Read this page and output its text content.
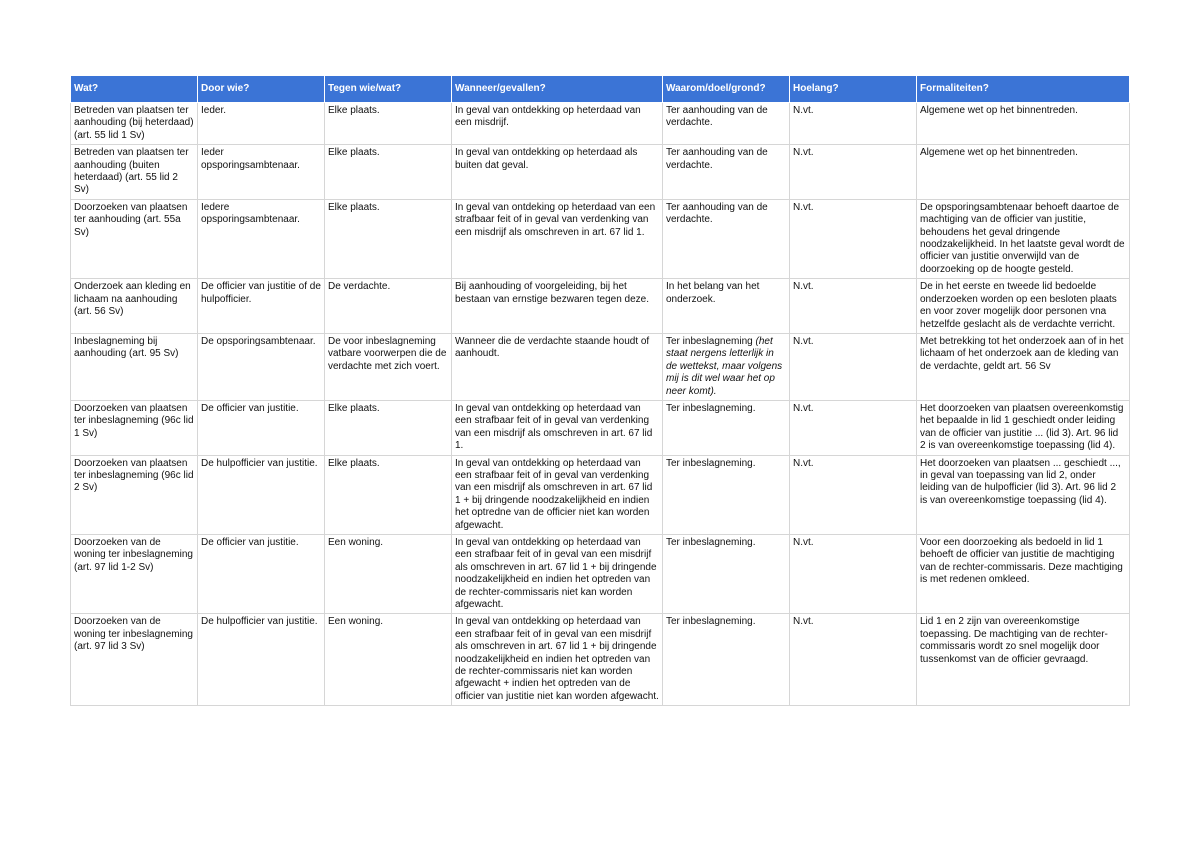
Wat?	Door wie?	Tegen wie/wat?	Wanneer/gevallen?	Waarom/doel/grond?	Hoelang?	Formaliteiten?
Betreden van plaatsen ter aanhouding (bij heterdaad) (art. 55 lid 1 Sv)	Ieder.	Elke plaats.	In geval van ontdekking op heterdaad van een misdrijf.	Ter aanhouding van de verdachte.	N.vt.	Algemene wet op het binnentreden.
Betreden van plaatsen ter aanhouding (buiten heterdaad) (art. 55 lid 2 Sv)	Ieder opsporingsambtenaar.	Elke plaats.	In geval van ontdekking op heterdaad als buiten dat geval.	Ter aanhouding van de verdachte.	N.vt.	Algemene wet op het binnentreden.
Doorzoeken van plaatsen ter aanhouding (art. 55a Sv)	Iedere opsporingsambtenaar.	Elke plaats.	In geval van ontdeking op heterdaad van een strafbaar feit of in geval van verdenking van een misdrijf als omschreven in art. 67 lid 1.	Ter aanhouding van de verdachte.	N.vt.	De opsporingsambtenaar behoeft daartoe de machtiging van de officier van justitie, behoudens het geval dringende noodzakelijkheid. In het laatste geval wordt de officier van justitie onverwijld van de doorzoeking op de hoogte gesteld.
Onderzoek aan kleding en lichaam na aanhouding (art. 56 Sv)	De officier van justitie of de hulpofficier.	De verdachte.	Bij aanhouding of voorgeleiding, bij het bestaan van ernstige bezwaren tegen deze.	In het belang van het onderzoek.	N.vt.	De in het eerste en tweede lid bedoelde onderzoeken worden op een besloten plaats en voor zover mogelijk door personen vna hetzelfde geslacht als de verdachte verricht.
Inbeslagneming bij aanhouding (art. 95 Sv)	De opsporingsambtenaar.	De voor inbeslagneming vatbare voorwerpen die de verdachte met zich voert.	Wanneer die de verdachte staande houdt of aanhoudt.	Ter inbeslagneming (het staat nergens letterlijk in de wettekst, maar volgens mij is dit wel waar het op neer komt).	N.vt.	Met betrekking tot het onderzoek aan of in het lichaam of het onderzoek aan de kleding van de verdachte, geldt art. 56 Sv
Doorzoeken van plaatsen ter inbeslagneming (96c lid 1 Sv)	De officier van justitie.	Elke plaats.	In geval van ontdekking op heterdaad van een strafbaar feit of in geval van verdenking van een misdrijf als omschreven in art. 67 lid 1.	Ter inbeslagneming.	N.vt.	Het doorzoeken van plaatsen overeenkomstig het bepaalde in lid 1 geschiedt onder leiding van de officier van justitie ... (lid 3). Art. 96 lid 2 is van overeenkomstige toepassing (lid 4).
Doorzoeken van plaatsen ter inbeslagneming (96c lid 2 Sv)	De hulpofficier van justitie.	Elke plaats.	In geval van ontdekking op heterdaad van een strafbaar feit of in geval van verdenking van een misdrijf als omschreven in art. 67 lid 1 + bij dringende noodzakelijkheid en indien het optredne van de officier niet kan worden afgewacht.	Ter inbeslagneming.	N.vt.	Het doorzoeken van plaatsen ... geschiedt ..., in geval van toepassing van lid 2, onder leiding van de hulpofficier (lid 3). Art. 96 lid 2 is van overeenkomstige toepassing (lid 4).
Doorzoeken van de woning ter inbeslagneming (art. 97 lid 1-2 Sv)	De officier van justitie.	Een woning.	In geval van ontdekking op heterdaad van een strafbaar feit of in geval van een misdrijf als omschreven in art. 67 lid 1 + bij dringende noodzakelijkheid en indien het optreden van de rechter-commissaris niet kan worden afgewacht.	Ter inbeslagneming.	N.vt.	Voor een doorzoeking als bedoeld in lid 1 behoeft de officier van justitie de machtiging van de rechter-commissaris. Deze machtiging is met redenen omkleed.
Doorzoeken van de woning ter inbeslagneming (art. 97 lid 3 Sv)	De hulpofficier van justitie.	Een woning.	In geval van ontdekking op heterdaad van een strafbaar feit of in geval van een misdrijf als omschreven in art. 67 lid 1 + bij dringende noodzakelijkheid en indien het optreden van de rechter-commissaris niet kan worden afgewacht + indien het optreden van de officier van justitie niet kan worden afgewacht.	Ter inbeslagneming.	N.vt.	Lid 1 en 2 zijn van overeenkomstige toepassing. De machtiging van de rechter-commissaris wordt zo snel mogelijk door tussenkomst van de officier gevraagd.
